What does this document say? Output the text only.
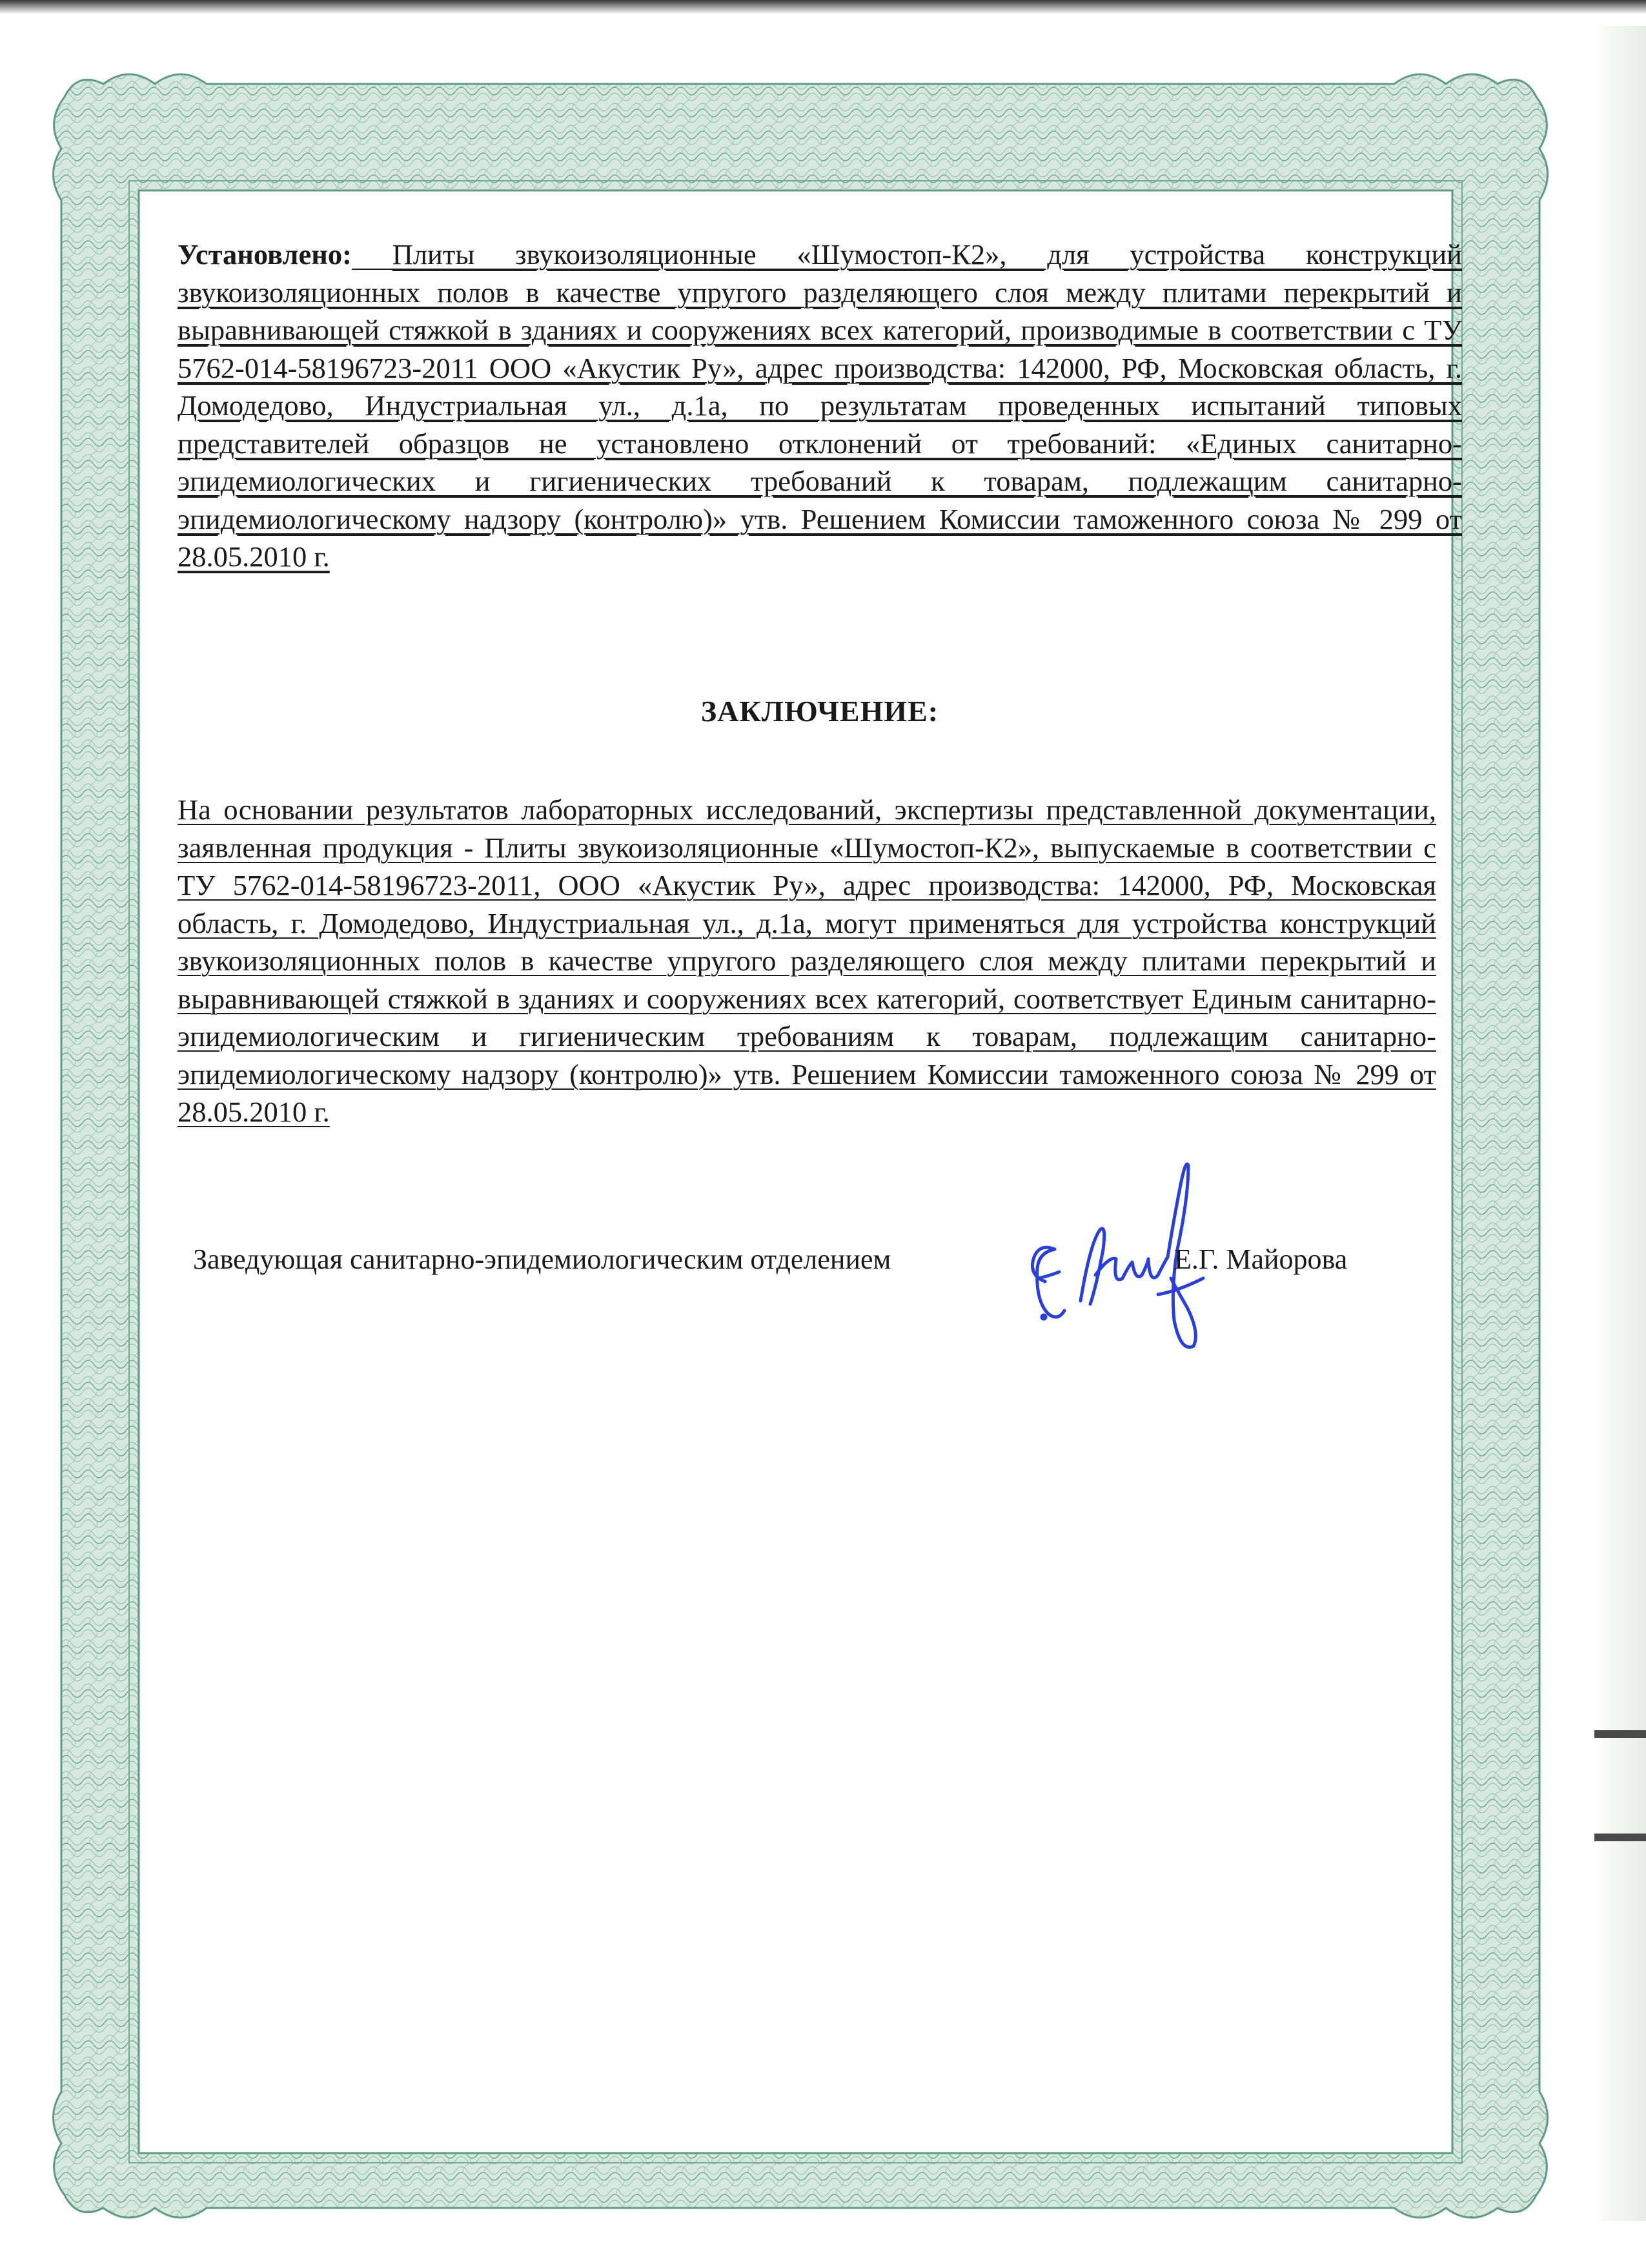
Установлено: Плиты звукоизоляционные «Шумостоп-К2», для устройства конструкций звукоизоляционных полов в качестве упругого разделяющего слоя между плитами перекрытий и выравнивающей стяжкой в зданиях и сооружениях всех категорий, производимые в соответствии с ТУ 5762-014-58196723-2011 ООО «Акустик Ру», адрес производства: 142000, РФ, Московская область, г. Домодедово, Индустриальная ул., д.1а, по результатам проведенных испытаний типовых представителей образцов не установлено отклонений от требований: «Единых санитарно-эпидемиологических и гигиенических требований к товарам, подлежащим санитарно-эпидемиологическому надзору (контролю)» утв. Решением Комиссии таможенного союза № 299 от 28.05.2010 г.

ЗАКЛЮЧЕНИЕ:

На основании результатов лабораторных исследований, экспертизы представленной документации, заявленная продукция - Плиты звукоизоляционные «Шумостоп-К2», выпускаемые в соответствии с ТУ 5762-014-58196723-2011, ООО «Акустик Ру», адрес производства: 142000, РФ, Московская область, г. Домодедово, Индустриальная ул., д.1а, могут применяться для устройства конструкций звукоизоляционных полов в качестве упругого разделяющего слоя между плитами перекрытий и выравнивающей стяжкой в зданиях и сооружениях всех категорий, соответствует Единым санитарно-эпидемиологическим и гигиеническим требованиям к товарам, подлежащим санитарно-эпидемиологическому надзору (контролю)» утв. Решением Комиссии таможенного союза № 299 от 28.05.2010 г.

Заведующая санитарно-эпидемиологическим отделением	Е.Г. Майорова
